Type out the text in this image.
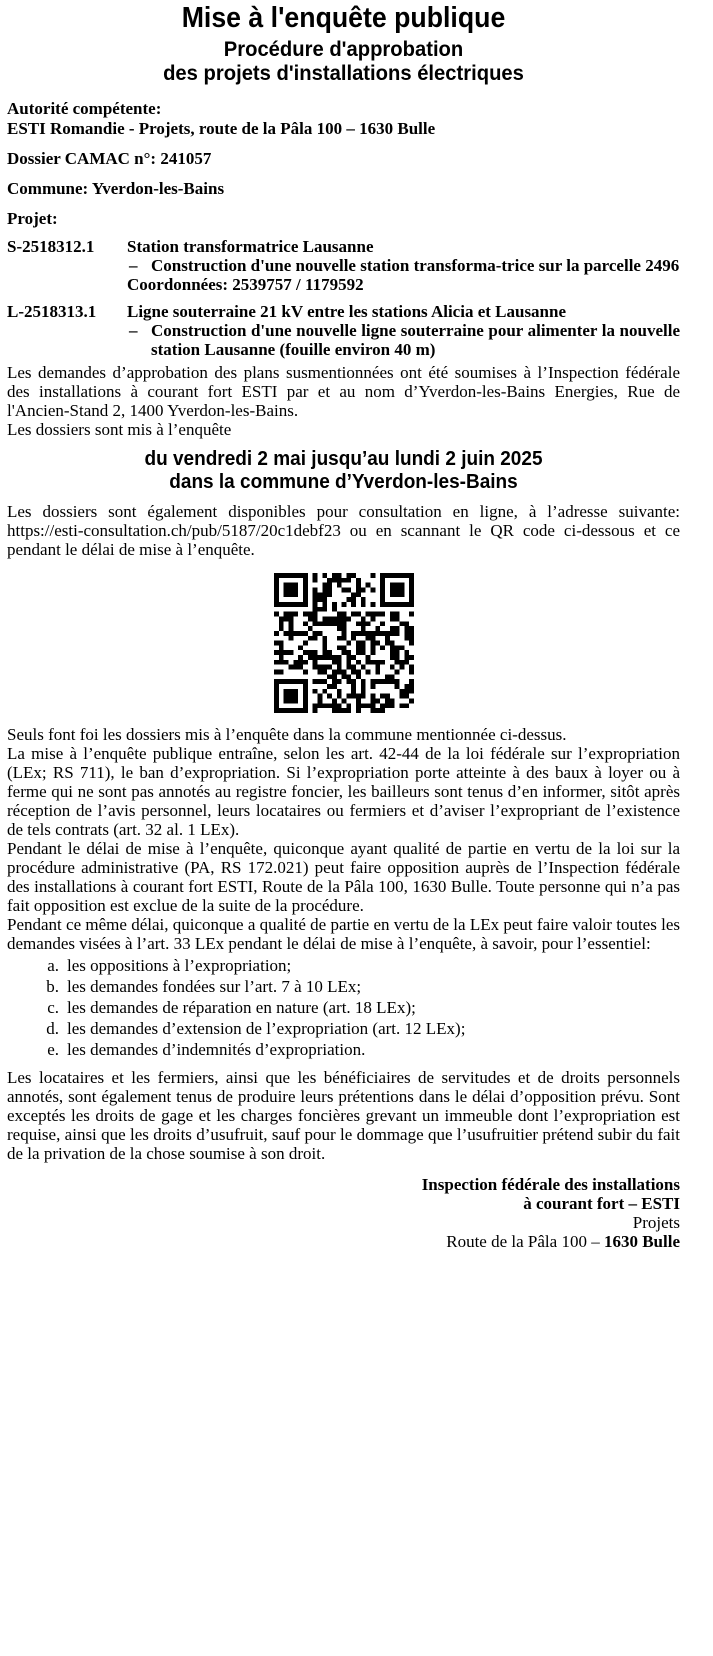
Mise à l'enquête publique
Procédure d'approbation
des projets d'installations électriques

Autorité compétente:

ESTI Romandie - Projets, route de la Pâla 100 – 1630 Bulle

Dossier CAMAC n°: 241057

Commune: Yverdon-les-Bains

Projet:

S-2518312.1	Station transformatrice Lausanne

– Construction d'une nouvelle station transforma-trice sur la parcelle 2496

Coordonnées: 2539757 / 1179592

L-2518313.1	Ligne souterraine 21 kV entre les stations Alicia et Lausanne

– Construction d'une nouvelle ligne souterraine pour alimenter la nouvelle station Lausanne (fouille environ 40 m)

Les demandes d’approbation des plans susmentionnées ont été soumises à l’Inspection fédérale des installations à courant fort ESTI par et au nom d’Yverdon-les-Bains Energies, Rue de l'Ancien-Stand 2, 1400 Yverdon-les-Bains.

Les dossiers sont mis à l’enquête

du vendredi 2 mai jusqu’au lundi 2 juin 2025
dans la commune d’Yverdon-les-Bains

Les dossiers sont également disponibles pour consultation en ligne, à l’adresse suivante: https://esti-consultation.ch/pub/5187/20c1debf23 ou en scannant le QR code ci-dessous et ce pendant le délai de mise à l’enquête.

Seuls font foi les dossiers mis à l’enquête dans la commune mentionnée ci-dessus.

La mise à l’enquête publique entraîne, selon les art. 42-44 de la loi fédérale sur l’expropriation (LEx; RS 711), le ban d’expropriation. Si l’expropriation porte atteinte à des baux à loyer ou à ferme qui ne sont pas annotés au registre foncier, les bailleurs sont tenus d’en informer, sitôt après réception de l’avis personnel, leurs locataires ou fermiers et d’aviser l’expropriant de l’existence de tels contrats (art. 32 al. 1 LEx).

Pendant le délai de mise à l’enquête, quiconque ayant qualité de partie en vertu de la loi sur la procédure administrative (PA, RS 172.021) peut faire opposition auprès de l’Inspection fédérale des installations à courant fort ESTI, Route de la Pâla 100, 1630 Bulle. Toute personne qui n’a pas fait opposition est exclue de la suite de la procédure.

Pendant ce même délai, quiconque a qualité de partie en vertu de la LEx peut faire valoir toutes les demandes visées à l’art. 33 LEx pendant le délai de mise à l’enquête, à savoir, pour l’essentiel:

a. les oppositions à l’expropriation;
b. les demandes fondées sur l’art. 7 à 10 LEx;
c. les demandes de réparation en nature (art. 18 LEx);
d. les demandes d’extension de l’expropriation (art. 12 LEx);
e. les demandes d’indemnités d’expropriation.

Les locataires et les fermiers, ainsi que les bénéficiaires de servitudes et de droits personnels annotés, sont également tenus de produire leurs prétentions dans le délai d’opposition prévu. Sont exceptés les droits de gage et les charges foncières grevant un immeuble dont l’expropriation est requise, ainsi que les droits d’usufruit, sauf pour le dommage que l’usufruitier prétend subir du fait de la privation de la chose soumise à son droit.

Inspection fédérale des installations

à courant fort – ESTI

Projets

Route de la Pâla 100 – 1630 Bulle
